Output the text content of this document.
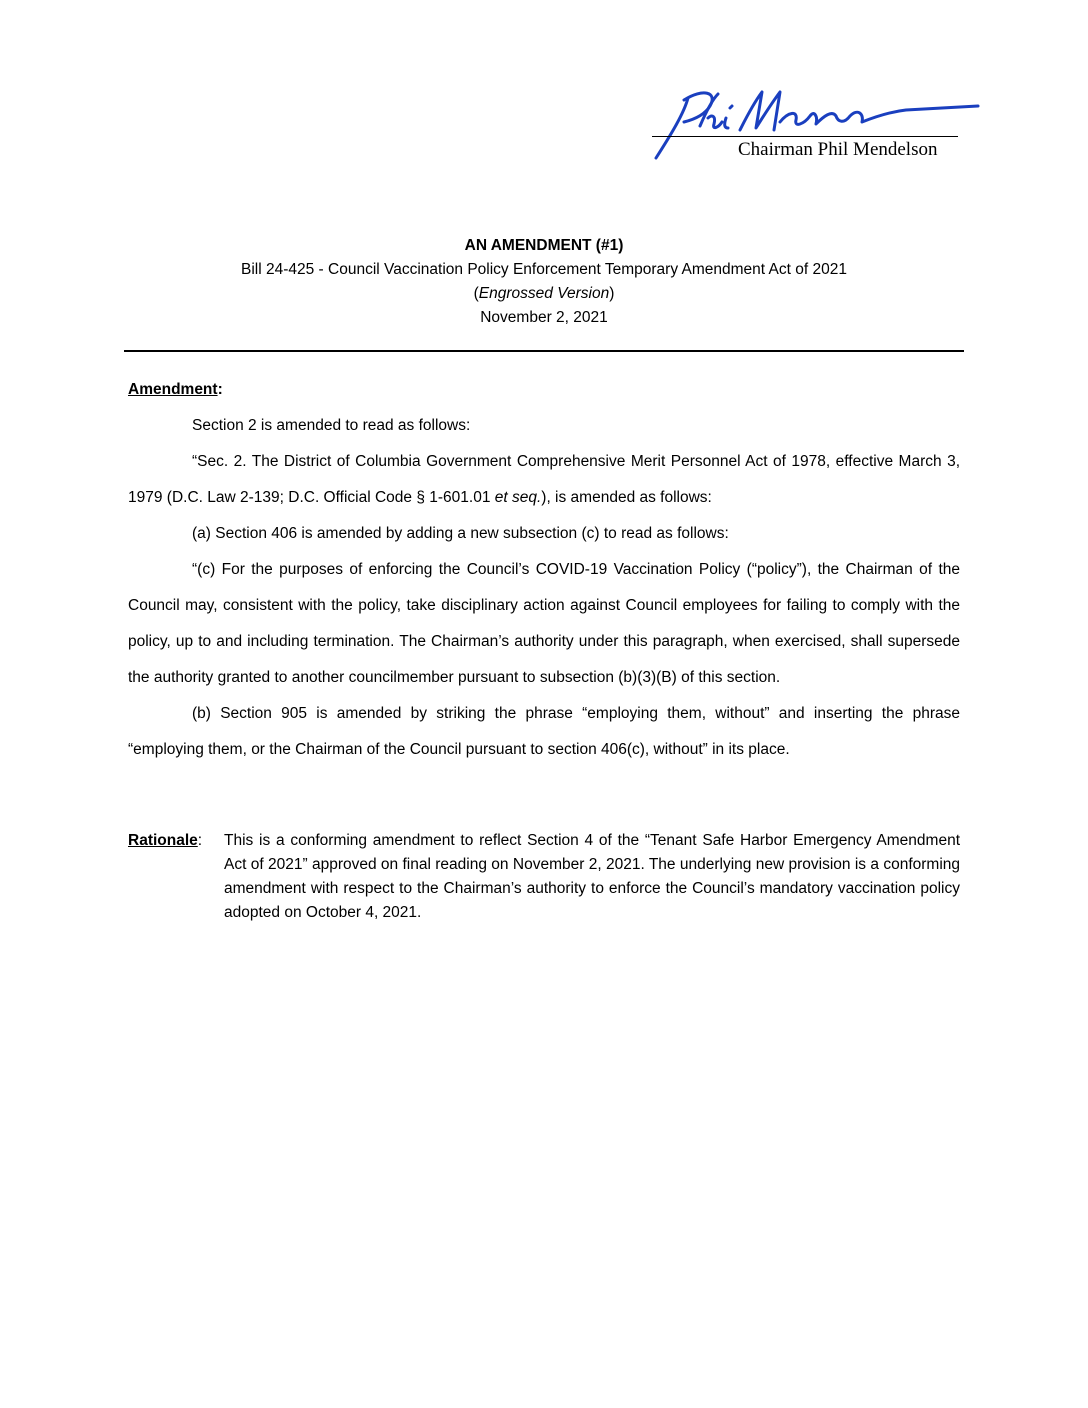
Chairman Phil Mendelson
AN AMENDMENT (#1)
Bill 24-425 - Council Vaccination Policy Enforcement Temporary Amendment Act of 2021
(Engrossed Version)
November 2, 2021

Amendment:

Section 2 is amended to read as follows:

“Sec. 2. The District of Columbia Government Comprehensive Merit Personnel Act of 1978, effective March 3, 1979 (D.C. Law 2-139; D.C. Official Code § 1-601.01 et seq.), is amended as follows:

(a) Section 406 is amended by adding a new subsection (c) to read as follows:

“(c) For the purposes of enforcing the Council’s COVID-19 Vaccination Policy (“policy”), the Chairman of the Council may, consistent with the policy, take disciplinary action against Council employees for failing to comply with the policy, up to and including termination. The Chairman’s authority under this paragraph, when exercised, shall supersede the authority granted to another councilmember pursuant to subsection (b)(3)(B) of this section.

(b) Section 905 is amended by striking the phrase “employing them, without” and inserting the phrase “employing them, or the Chairman of the Council pursuant to section 406(c), without” in its place.

Rationale:	This is a conforming amendment to reflect Section 4 of the “Tenant Safe Harbor Emergency Amendment Act of 2021” approved on final reading on November 2, 2021. The underlying new provision is a conforming amendment with respect to the Chairman’s authority to enforce the Council’s mandatory vaccination policy adopted on October 4, 2021.
